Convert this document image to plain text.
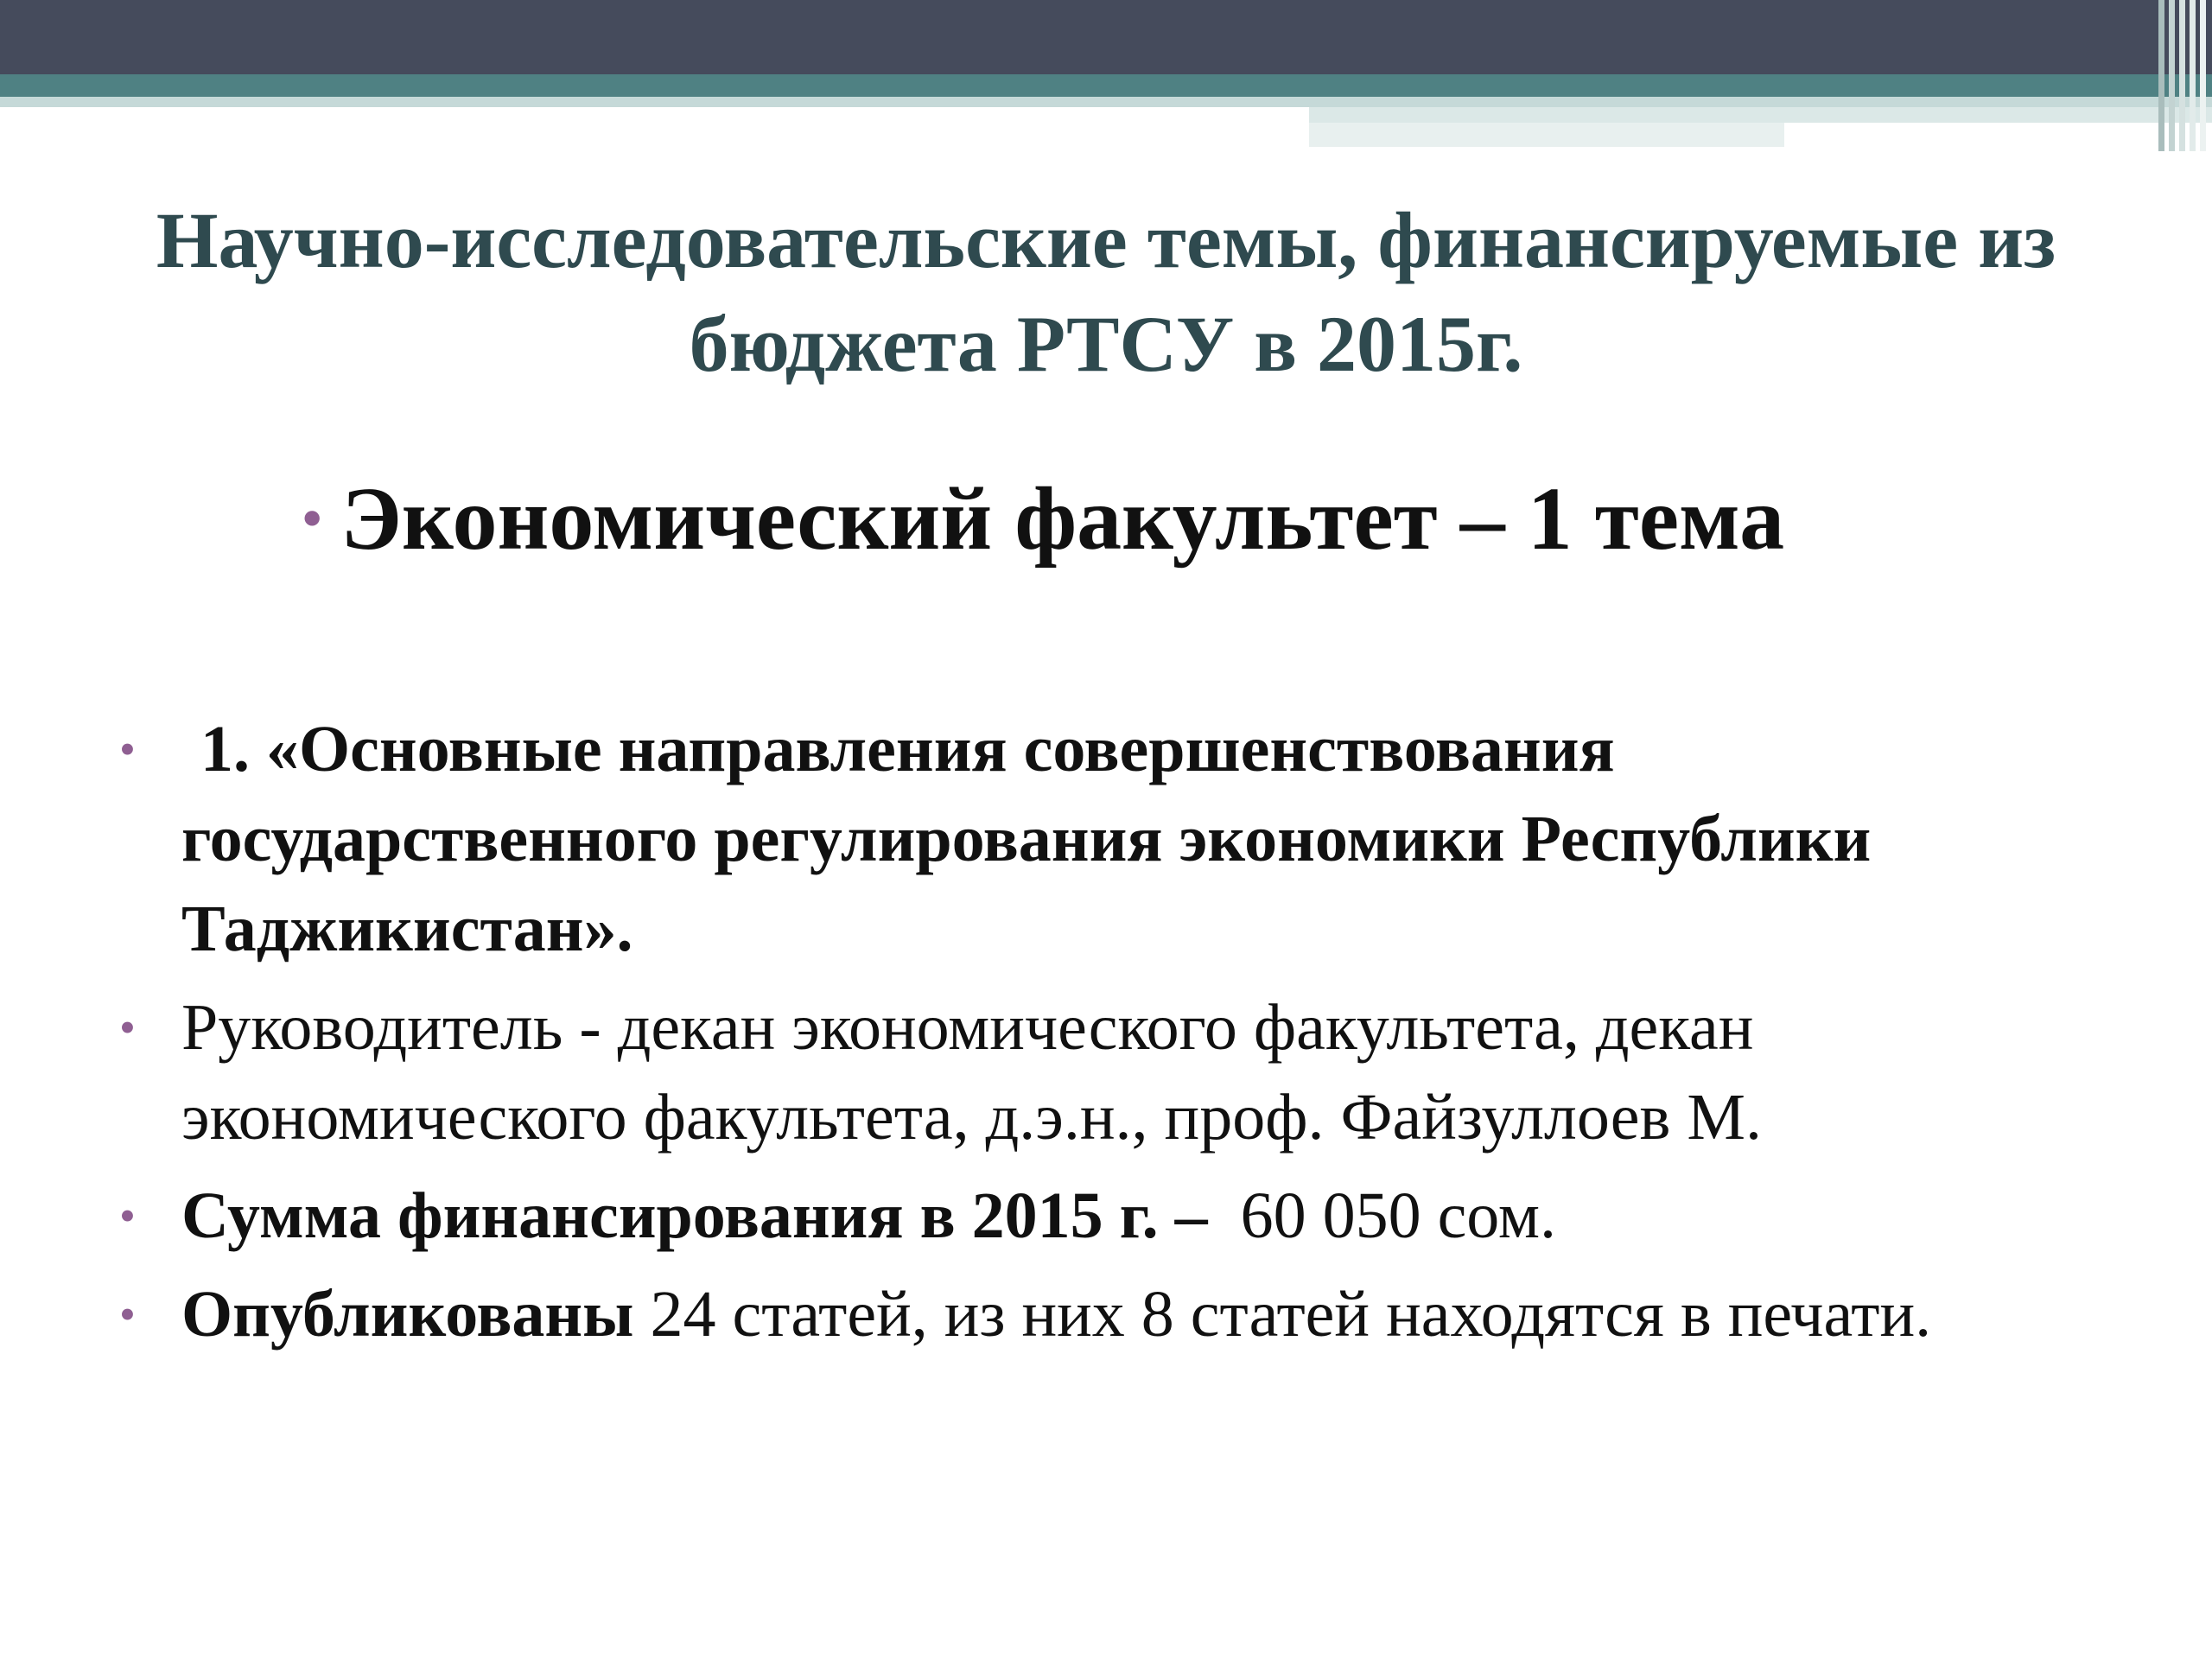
Научно-исследовательские темы, финансируемые из бюджета РТСУ в 2015г.
• Экономический факультет – 1 тема
• 1. «Основные направления совершенствования государственного регулирования экономики Республики Таджикистан».
• Руководитель - декан экономического факультета, декан экономического факультета, д.э.н., проф. Файзуллоев М.
• Сумма финансирования в 2015 г. –  60 050 сом.
• Опубликованы 24 статей, из них 8 статей находятся в печати.
